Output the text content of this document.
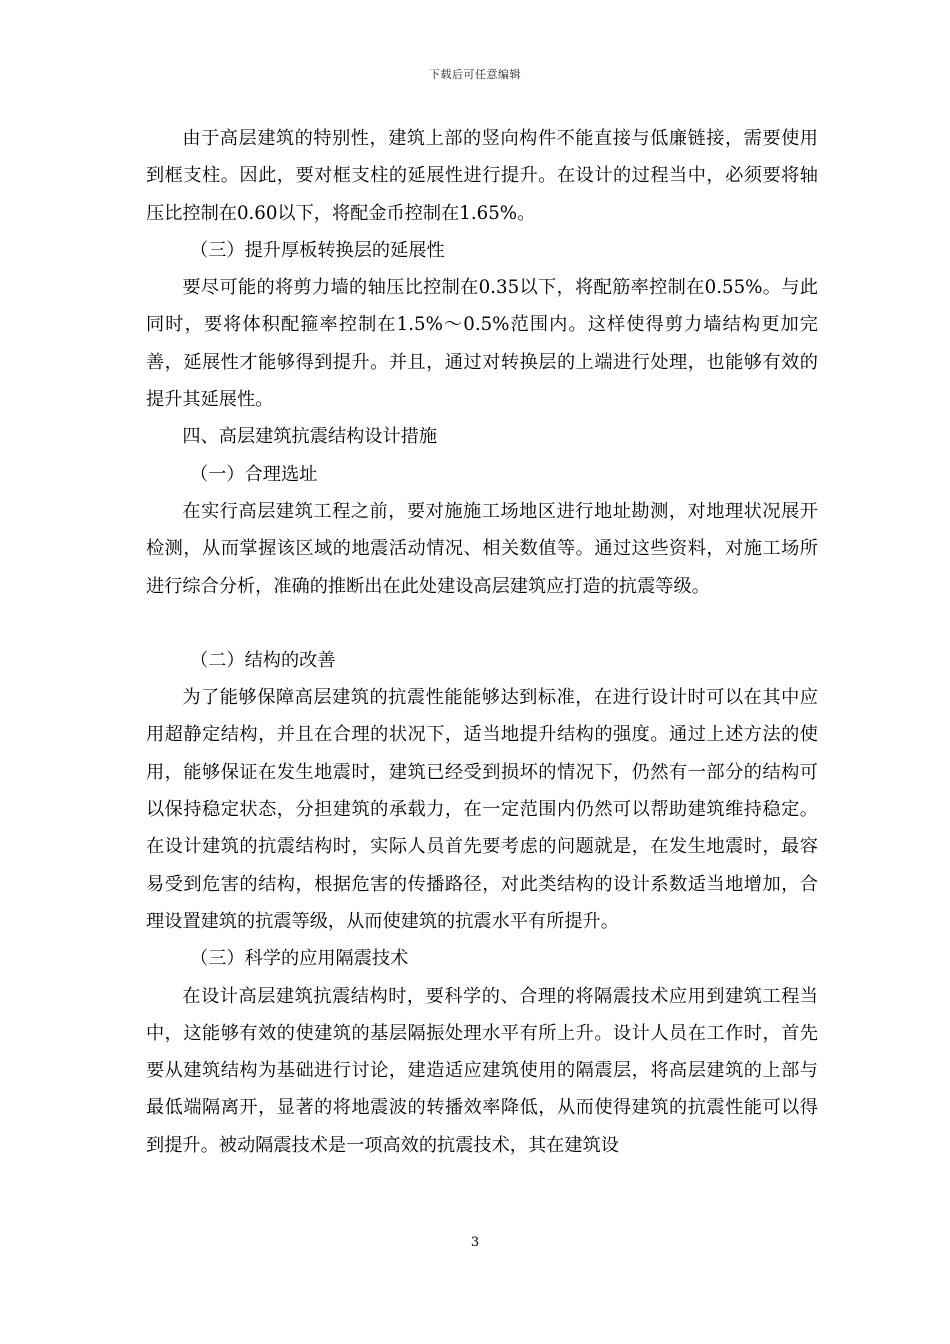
下载后可任意编辑

由于高层建筑的特别性，建筑上部的竖向构件不能直接与低廉链接，需要使用到框支柱。因此，要对框支柱的延展性进行提升。在设计的过程当中，必须要将轴压比控制在0.60以下，将配金币控制在1.65%。

（三）提升厚板转换层的延展性

要尽可能的将剪力墙的轴压比控制在0.35以下，将配筋率控制在0.55%。与此同时，要将体积配箍率控制在1.5%～0.5%范围内。这样使得剪力墙结构更加完善，延展性才能够得到提升。并且，通过对转换层的上端进行处理，也能够有效的提升其延展性。

四、高层建筑抗震结构设计措施

（一）合理选址

在实行高层建筑工程之前，要对施施工场地区进行地址勘测，对地理状况展开检测，从而掌握该区域的地震活动情况、相关数值等。通过这些资料，对施工场所进行综合分析，准确的推断出在此处建设高层建筑应打造的抗震等级。

（二）结构的改善

为了能够保障高层建筑的抗震性能能够达到标准，在进行设计时可以在其中应用超静定结构，并且在合理的状况下，适当地提升结构的强度。通过上述方法的使用，能够保证在发生地震时，建筑已经受到损坏的情况下，仍然有一部分的结构可以保持稳定状态，分担建筑的承载力，在一定范围内仍然可以帮助建筑维持稳定。在设计建筑的抗震结构时，实际人员首先要考虑的问题就是，在发生地震时，最容易受到危害的结构，根据危害的传播路径，对此类结构的设计系数适当地增加，合理设置建筑的抗震等级，从而使建筑的抗震水平有所提升。

（三）科学的应用隔震技术

在设计高层建筑抗震结构时，要科学的、合理的将隔震技术应用到建筑工程当中，这能够有效的使建筑的基层隔振处理水平有所上升。设计人员在工作时，首先要从建筑结构为基础进行讨论，建造适应建筑使用的隔震层，将高层建筑的上部与最低端隔离开，显著的将地震波的转播效率降低，从而使得建筑的抗震性能可以得到提升。被动隔震技术是一项高效的抗震技术，其在建筑设

3
